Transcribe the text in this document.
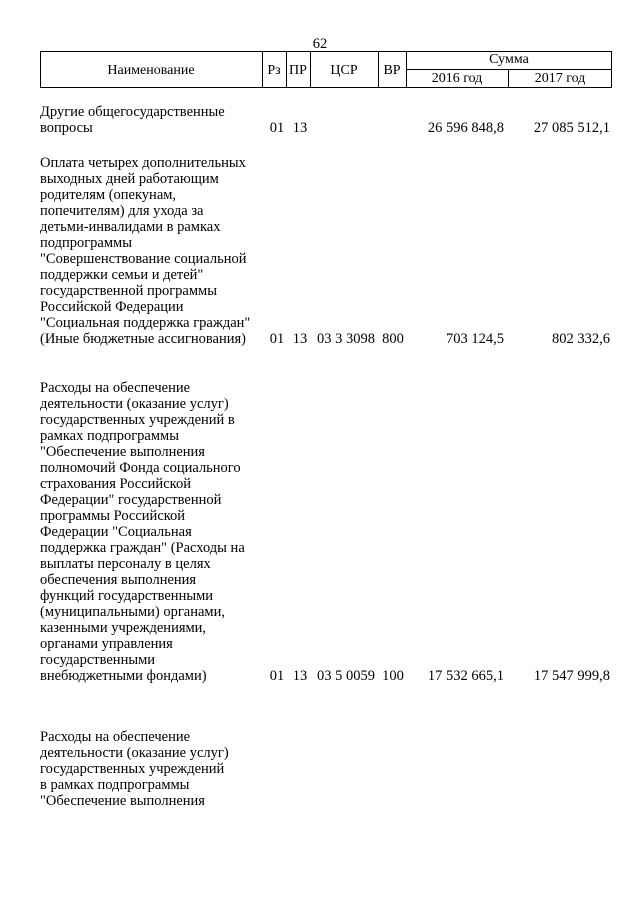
62
Наименование	Рз ПР	ЦСР	ВР
Сумма
2016 год	2017 год
Другие общегосударственные
вопросы	01 13	26 596 848,8	27 085 512,1
Оплата четырех дополнительных
выходных дней работающим
родителям (опекунам,
попечителям) для ухода за
детьми-инвалидами в рамках
подпрограммы
"Совершенствование социальной
поддержки семьи и детей"
государственной программы
Российской Федерации
"Социальная поддержка граждан"
(Иные бюджетные ассигнования)	01 13 03 3 3098 800	703 124,5	802 332,6
Расходы на обеспечение
деятельности (оказание услуг)
государственных учреждений в
рамках подпрограммы
"Обеспечение выполнения
полномочий Фонда социального
страхования Российской
Федерации" государственной
программы Российской
Федерации "Социальная
поддержка граждан" (Расходы на
выплаты персоналу в целях
обеспечения выполнения
функций государственными
(муниципальными) органами,
казенными учреждениями,
органами управления
государственными
внебюджетными фондами)	01 13 03 5 0059 100	17 532 665,1	17 547 999,8
Расходы на обеспечение
деятельности (оказание услуг)
государственных учреждений
в рамках подпрограммы
"Обеспечение выполнения
